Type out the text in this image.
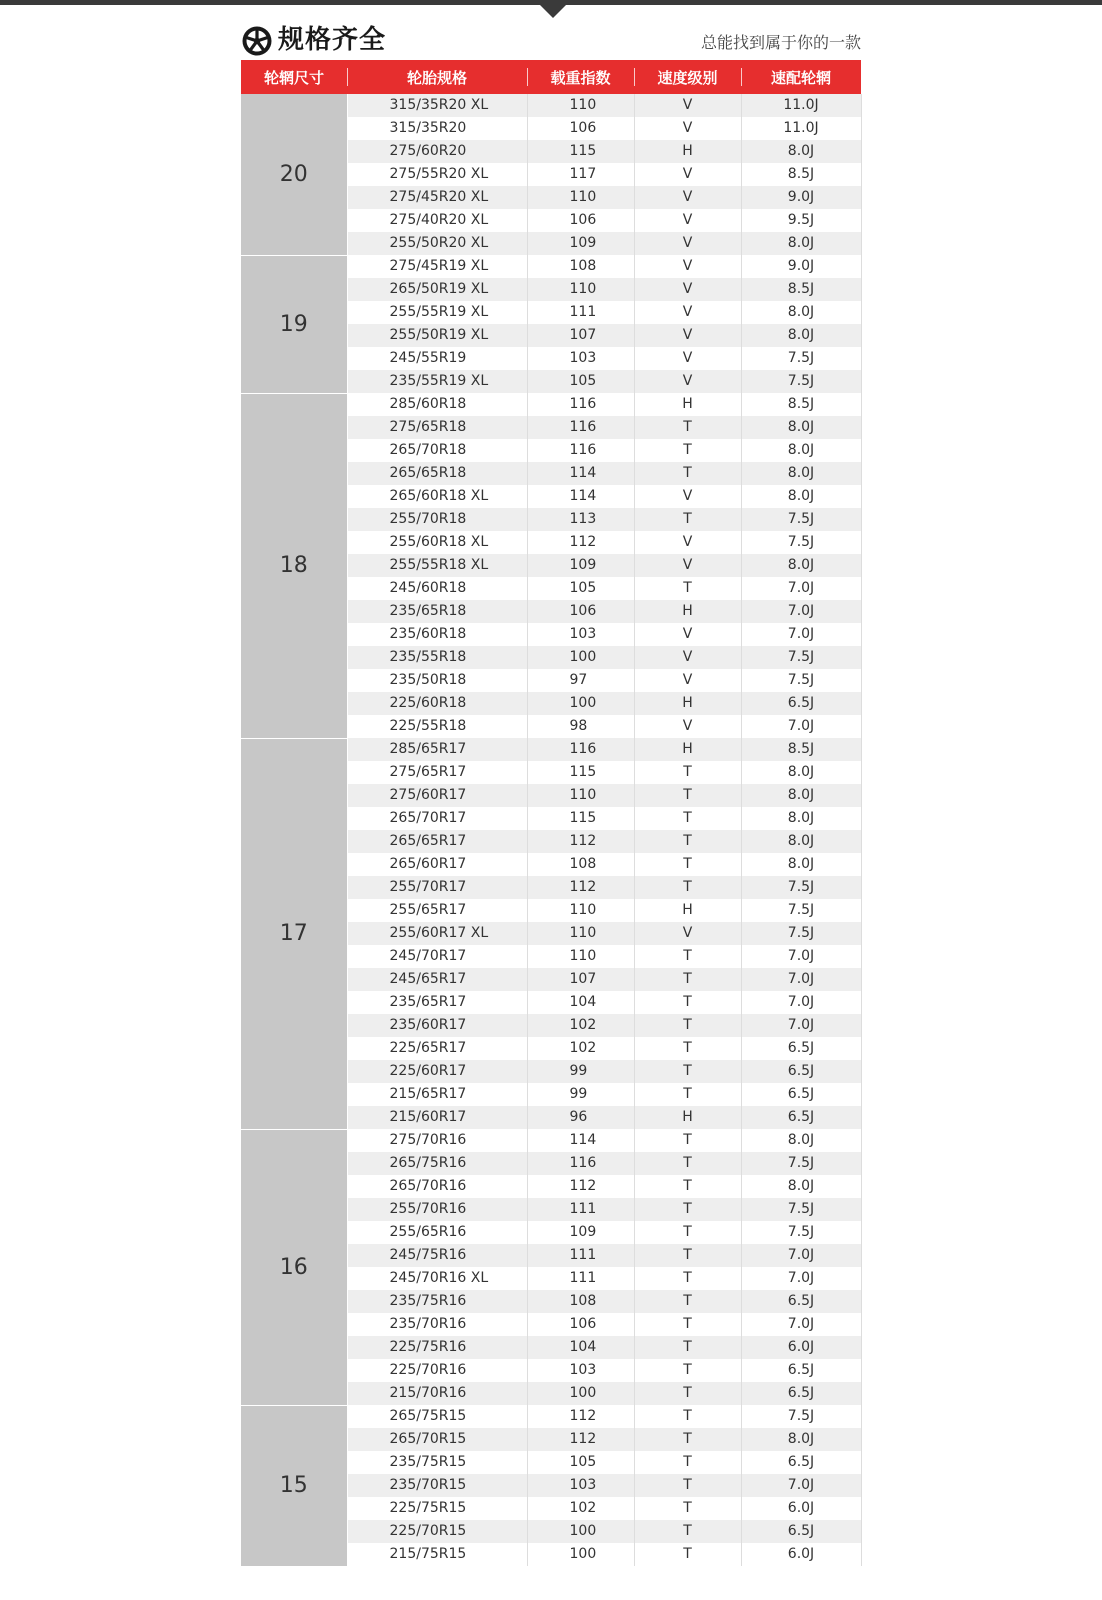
规格齐全	总能找到属于你的一款
轮辋尺寸	轮胎规格	载重指数	速度级别	速配轮辋
20	315/35R20 XL	110	V	11.0J
	315/35R20	106	V	11.0J
	275/60R20	115	H	8.0J
	275/55R20 XL	117	V	8.5J
	275/45R20 XL	110	V	9.0J
	275/40R20 XL	106	V	9.5J
	255/50R20 XL	109	V	8.0J
19	275/45R19 XL	108	V	9.0J
	265/50R19 XL	110	V	8.5J
	255/55R19 XL	111	V	8.0J
	255/50R19 XL	107	V	8.0J
	245/55R19	103	V	7.5J
	235/55R19 XL	105	V	7.5J
18	285/60R18	116	H	8.5J
	275/65R18	116	T	8.0J
	265/70R18	116	T	8.0J
	265/65R18	114	T	8.0J
	265/60R18 XL	114	V	8.0J
	255/70R18	113	T	7.5J
	255/60R18 XL	112	V	7.5J
	255/55R18 XL	109	V	8.0J
	245/60R18	105	T	7.0J
	235/65R18	106	H	7.0J
	235/60R18	103	V	7.0J
	235/55R18	100	V	7.5J
	235/50R18	97	V	7.5J
	225/60R18	100	H	6.5J
	225/55R18	98	V	7.0J
17	285/65R17	116	H	8.5J
	275/65R17	115	T	8.0J
	275/60R17	110	T	8.0J
	265/70R17	115	T	8.0J
	265/65R17	112	T	8.0J
	265/60R17	108	T	8.0J
	255/70R17	112	T	7.5J
	255/65R17	110	H	7.5J
	255/60R17 XL	110	V	7.5J
	245/70R17	110	T	7.0J
	245/65R17	107	T	7.0J
	235/65R17	104	T	7.0J
	235/60R17	102	T	7.0J
	225/65R17	102	T	6.5J
	225/60R17	99	T	6.5J
	215/65R17	99	T	6.5J
	215/60R17	96	H	6.5J
16	275/70R16	114	T	8.0J
	265/75R16	116	T	7.5J
	265/70R16	112	T	8.0J
	255/70R16	111	T	7.5J
	255/65R16	109	T	7.5J
	245/75R16	111	T	7.0J
	245/70R16 XL	111	T	7.0J
	235/75R16	108	T	6.5J
	235/70R16	106	T	7.0J
	225/75R16	104	T	6.0J
	225/70R16	103	T	6.5J
	215/70R16	100	T	6.5J
15	265/75R15	112	T	7.5J
	265/70R15	112	T	8.0J
	235/75R15	105	T	6.5J
	235/70R15	103	T	7.0J
	225/75R15	102	T	6.0J
	225/70R15	100	T	6.5J
	215/75R15	100	T	6.0J
